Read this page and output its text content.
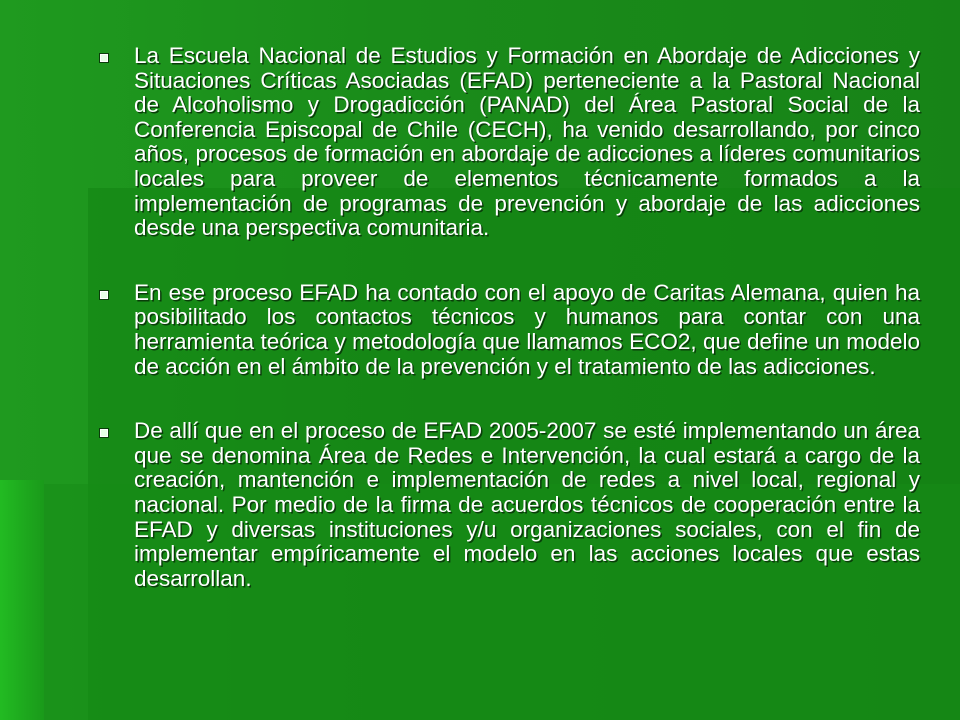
La Escuela Nacional de Estudios y Formación en Abordaje de Adicciones y Situaciones Críticas Asociadas (EFAD) perteneciente a la Pastoral Nacional de Alcoholismo y Drogadicción (PANAD) del Área Pastoral Social de la Conferencia Episcopal de Chile (CECH), ha venido desarrollando, por cinco años, procesos de formación en abordaje de adicciones a líderes comunitarios locales para proveer de elementos técnicamente formados a la implementación de programas de prevención y abordaje de las adicciones desde una perspectiva comunitaria.
En ese proceso EFAD ha contado con el apoyo de Caritas Alemana, quien ha posibilitado los contactos técnicos y humanos para contar con una herramienta teórica y metodología que llamamos ECO2, que define un modelo de acción en el ámbito de la prevención y el tratamiento de las adicciones.
De allí que en el proceso de EFAD 2005-2007 se esté implementando un área que se denomina Área de Redes e Intervención, la cual estará a cargo de la creación, mantención e implementación de redes a nivel local, regional y nacional. Por medio de la firma de acuerdos técnicos de cooperación entre la EFAD y diversas instituciones y/u organizaciones sociales, con el fin de implementar empíricamente el modelo en las acciones locales que estas desarrollan.
